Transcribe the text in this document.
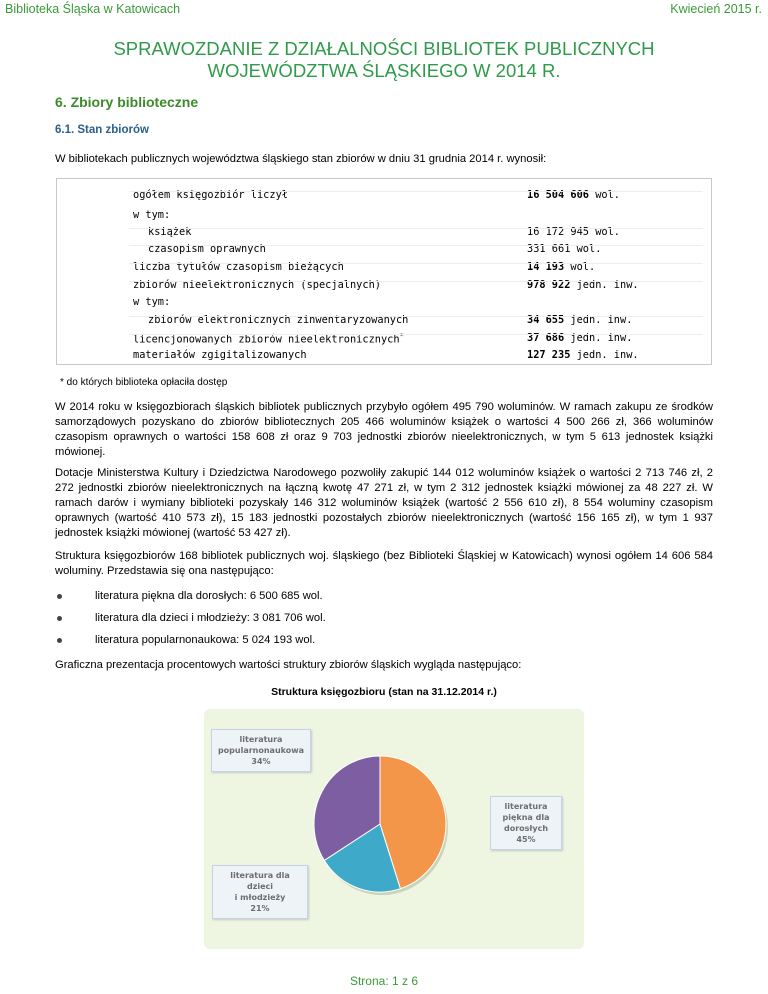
Biblioteka Śląska w Katowicach	Kwiecień 2015 r.
SPRAWOZDANIE Z DZIAŁALNOŚCI BIBLIOTEK PUBLICZNYCH
WOJEWÓDZTWA ŚLĄSKIEGO W 2014 R.
6. Zbiory biblioteczne
6.1. Stan zbiorów
W bibliotekach publicznych województwa śląskiego stan zbiorów w dniu 31 grudnia 2014 r. wynosił:
ogółem księgozbiór liczył	16 504 606 wol.
w tym:
książek	16 172 945 wol.
czasopism oprawnych	331 661 wol.
liczba tytułów czasopism bieżących	14 193 wol.
zbiorów nieelektronicznych (specjalnych)	978 922 jedn. inw.
w tym:
zbiorów elektronicznych zinwentaryzowanych	34 655 jedn. inw.
licencjonowanych zbiorów nieelektronicznych*	37 686 jedn. inw.
materiałów zgigitalizowanych	127 235 jedn. inw.
* do których biblioteka opłaciła dostęp
W 2014 roku w księgozbiorach śląskich bibliotek publicznych przybyło ogółem 495 790 woluminów. W ramach zakupu ze środków samorządowych pozyskano do zbiorów bibliotecznych 205 466 woluminów książek o wartości 4 500 266 zł, 366 woluminów czasopism oprawnych o wartości 158 608 zł oraz 9 703 jednostki zbiorów nieelektronicznych, w tym 5 613 jednostek książki mówionej.
Dotacje Ministerstwa Kultury i Dziedzictwa Narodowego pozwoliły zakupić 144 012 woluminów książek o wartości 2 713 746 zł, 2 272 jednostki zbiorów nieelektronicznych na łączną kwotę 47 271 zł, w tym 2 312 jednostek książki mówionej za 48 227 zł. W ramach darów i wymiany biblioteki pozyskały 146 312 woluminów książek (wartość 2 556 610 zł), 8 554 woluminy czasopism oprawnych (wartość 410 573 zł), 15 183 jednostki pozostałych zbiorów nieelektronicznych (wartość 156 165 zł), w tym 1 937 jednostek książki mówionej (wartość 53 427 zł).
Struktura księgozbiorów 168 bibliotek publicznych woj. śląskiego (bez Biblioteki Śląskiej w Katowicach) wynosi ogółem 14 606 584 woluminy. Przedstawia się ona następująco:
literatura piękna dla dorosłych: 6 500 685 wol.
literatura dla dzieci i młodzieży: 3 081 706 wol.
literatura popularnonaukowa: 5 024 193 wol.
Graficzna prezentacja procentowych wartości struktury zbiorów śląskich wygląda następująco:
Struktura księgozbioru (stan na 31.12.2014 r.)
literatura
piękna dla
dorosłych
45%
literatura dla dzieci
i młodzieży
21%
literatura
popularnonaukowa
34%
Strona: 1 z 6
